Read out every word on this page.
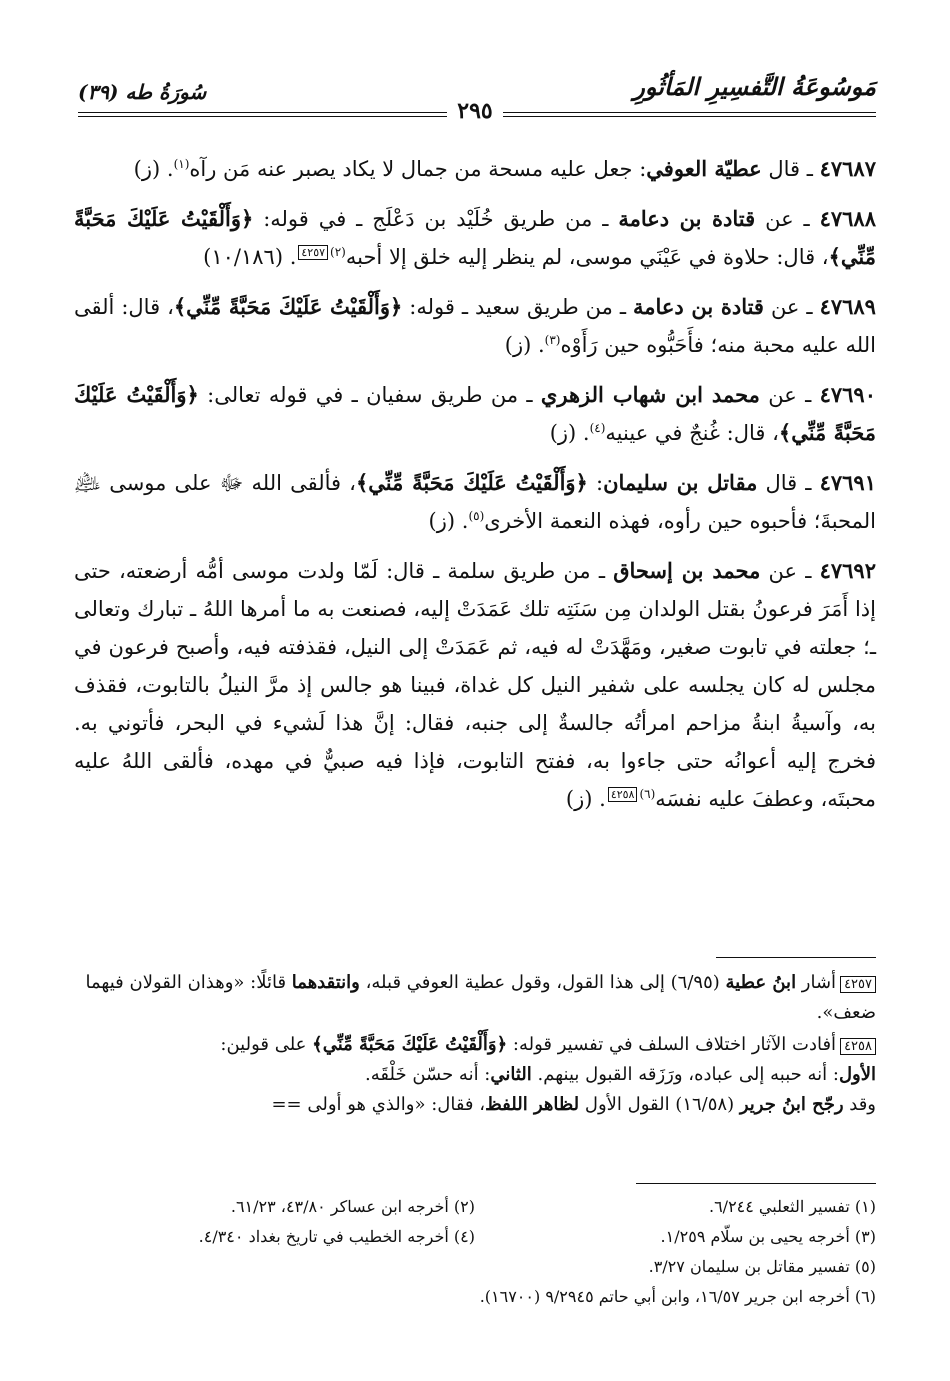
مَوسُوعَةُ التَّفسِيرِ المَأثُورِ
سُورَةُ طه (٣٩)
٢٩٥

٤٧٦٨٧ ـ قال عطيّة العوفي: جعل عليه مسحة من جمال لا يكاد يصبر عنه مَن رآه$^{(١)}$. (ز)

٤٧٦٨٨ ـ عن قتادة بن دعامة ـ من طريق خُلَيْد بن دَعْلَج ـ في قوله: ﴿وَأَلْقَيْتُ عَلَيْكَ مَحَبَّةً مِّنِّي﴾، قال: حلاوة في عَيْنَي موسى، لم ينظر إليه خلق إلا أحبه$^{(٢)}$٤٢٥٧. (١٠/١٨٦)

٤٧٦٨٩ ـ عن قتادة بن دعامة ـ من طريق سعيد ـ قوله: ﴿وَأَلْقَيْتُ عَلَيْكَ مَحَبَّةً مِّنِّي﴾، قال: ألقى الله عليه محبة منه؛ فأَحَبُّوه حين رَأَوْه$^{(٣)}$. (ز)

٤٧٦٩٠ ـ عن محمد ابن شهاب الزهري ـ من طريق سفيان ـ في قوله تعالى: ﴿وَأَلْقَيْتُ عَلَيْكَ مَحَبَّةً مِّنِّي﴾، قال: غُنجٌ في عينيه$^{(٤)}$. (ز)

٤٧٦٩١ ـ قال مقاتل بن سليمان: ﴿وَأَلْقَيْتُ عَلَيْكَ مَحَبَّةً مِّنِّي﴾، فألقى الله ﷻ على موسى ﵇ المحبةَ؛ فأحبوه حين رأوه، فهذه النعمة الأخرى$^{(٥)}$. (ز)

٤٧٦٩٢ ـ عن محمد بن إسحاق ـ من طريق سلمة ـ قال: لَمّا ولدت موسى أمُّه أرضعته، حتى إذا أَمَرَ فرعونُ بقتل الولدان مِن سَنَتِه تلك عَمَدَتْ إليه، فصنعت به ما أمرها اللهُ ـ تبارك وتعالى ـ؛ جعلته في تابوت صغير، ومَهَّدَتْ له فيه، ثم عَمَدَتْ إلى النيل، فقذفته فيه، وأصبح فرعون في مجلس له كان يجلسه على شفير النيل كل غداة، فبينا هو جالس إذ مرَّ النيلُ بالتابوت، فقذف به، وآسيةُ ابنةُ مزاحم امرأتُه جالسةٌ إلى جنبه، فقال: إنَّ هذا لَشيء في البحر، فأتوني به. فخرج إليه أعوانُه حتى جاءوا به، ففتح التابوت، فإذا فيه صبيٌّ في مهده، فألقى اللهُ عليه محبتَه، وعطفَ عليه نفسَه$^{(٦)}$٤٢٥٨. (ز)

٤٢٥٧أشار ابنُ عطية (٦/٩٥) إلى هذا القول، وقول عطية العوفي قبله، وانتقدهما قائلًا: «وهذان القولان فيهما ضعف».

٤٢٥٨أفادت الآثار اختلاف السلف في تفسير قوله: ﴿وَأَلْقَيْتُ عَلَيْكَ مَحَبَّةً مِّنِّي﴾ على قولين:
الأول: أنه حببه إلى عباده، ورَزَقه القبول بينهم. الثاني: أنه حسّن خَلْقَه.
وقد رجّح ابنُ جرير (١٦/٥٨) القول الأول لظاهر اللفظ، فقال: «والذي هو أولى ==

(١) تفسير الثعلبي ٦/٢٤٤.
(٢) أخرجه ابن عساكر ٤٣/٨٠، ٦١/٢٣.
(٣) أخرجه يحيى بن سلّام ١/٢٥٩.
(٤) أخرجه الخطيب في تاريخ بغداد ٤/٣٤٠.
(٥) تفسير مقاتل بن سليمان ٣/٢٧.
(٦) أخرجه ابن جرير ١٦/٥٧، وابن أبي حاتم ٩/٢٩٤٥ (١٦٧٠٠).
